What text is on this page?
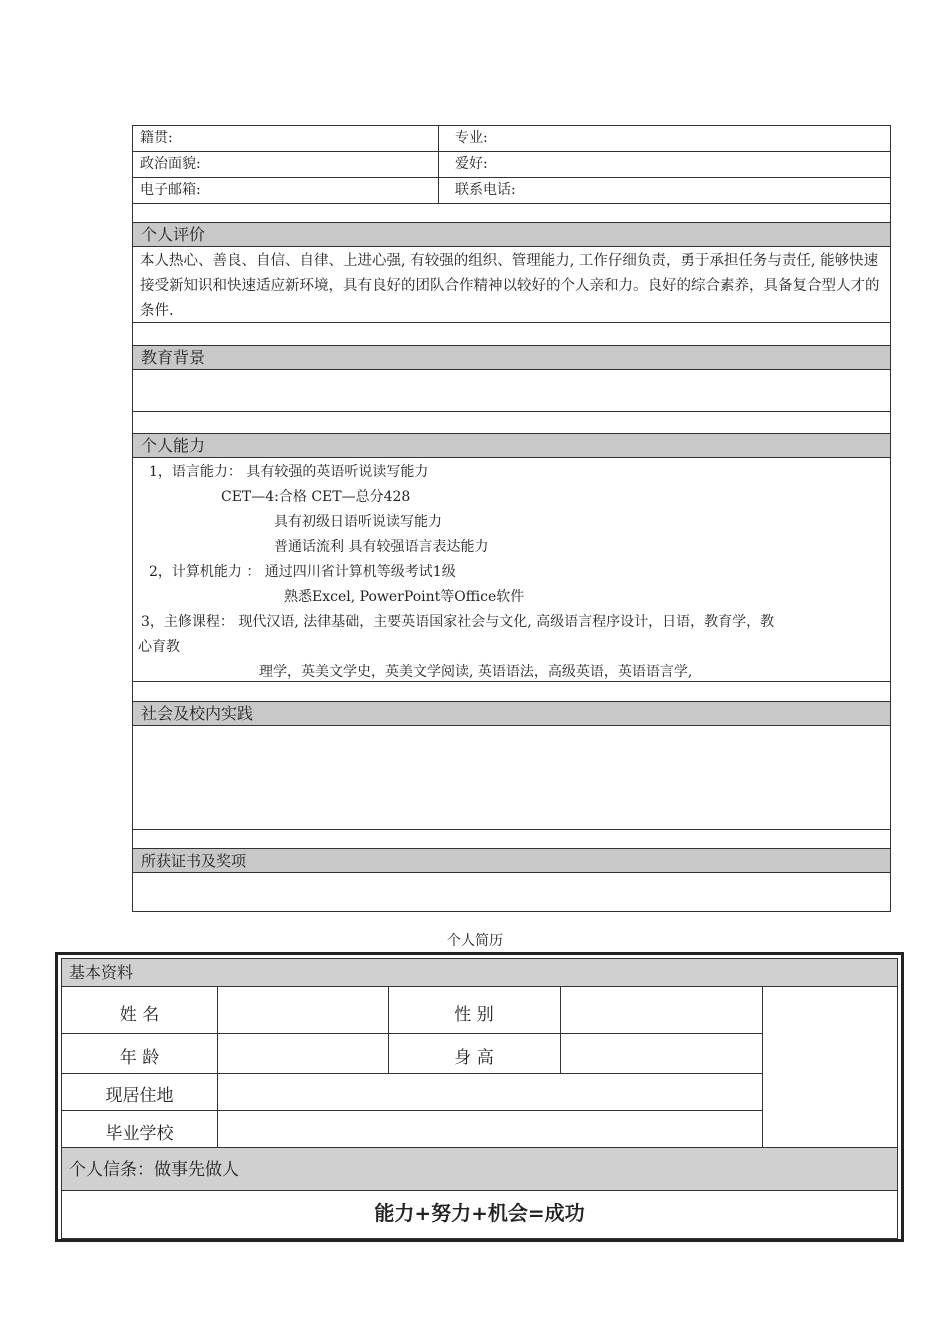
籍贯:	专业:
政治面貌:	爱好:
电子邮箱:	联系电话:
个人评价
本人热心、善良、自信、自律、上进心强, 有较强的组织、管理能力, 工作仔细负责，勇于承担任务与责任, 能够快速接受新知识和快速适应新环境，具有良好的团队合作精神以较好的个人亲和力。良好的综合素养，具备复合型人才的条件.
教育背景
个人能力
1，语言能力： 具有较强的英语听说读写能力
CET—4:合格 CET—总分428
具有初级日语听说读写能力
普通话流利 具有较强语言表达能力
2，计算机能力 ： 通过四川省计算机等级考试1级
熟悉Excel, PowerPoint等Office软件
3，主修课程： 现代汉语, 法律基础，主要英语国家社会与文化, 高级语言程序设计，日语，教育学，教
心育教
理学，英美文学史，英美文学阅读, 英语语法，高级英语，英语语言学,
社会及校内实践
所获证书及奖项
个人简历
基本资料
姓 名	性 别
年 龄	身 高
现居住地
毕业学校
个人信条：做事先做人
能力+努力+机会=成功
